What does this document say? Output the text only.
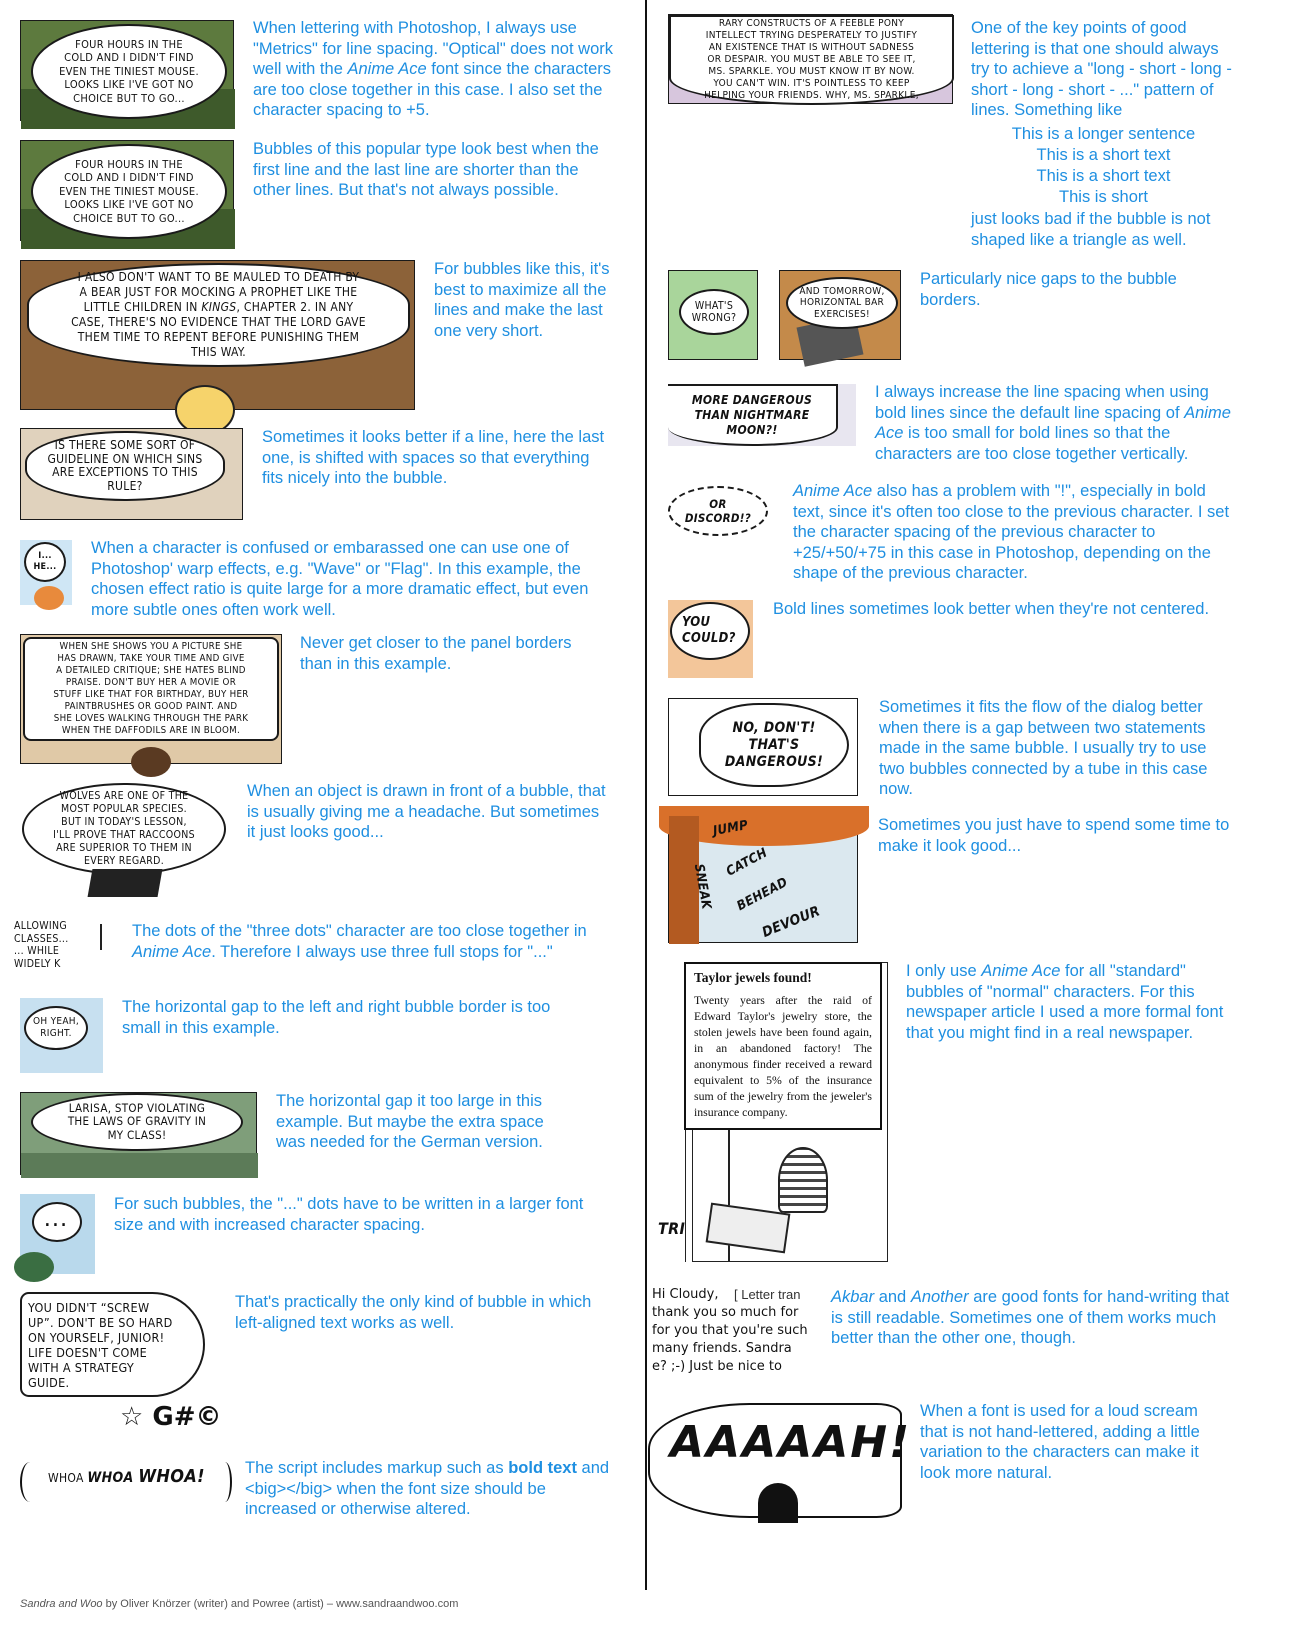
FOUR HOURS IN THE
COLD AND I DIDN'T FIND
EVEN THE TINIEST MOUSE.
LOOKS LIKE I'VE GOT NO
CHOICE BUT TO GO...
When lettering with Photoshop, I always use "Metrics" for line spacing. "Optical" does not work well with the Anime Ace font since the characters are too close together in this case. I also set the character spacing to +5.
FOUR HOURS IN THE
COLD AND I DIDN'T FIND
EVEN THE TINIEST MOUSE.
LOOKS LIKE I'VE GOT NO
CHOICE BUT TO GO...
Bubbles of this popular type look best when the first line and the last line are shorter than the other lines. But that's not always possible.
I ALSO DON'T WANT TO BE MAULED TO DEATH BY
A BEAR JUST FOR MOCKING A PROPHET LIKE THE
LITTLE CHILDREN IN KINGS, CHAPTER 2. IN ANY
CASE, THERE'S NO EVIDENCE THAT THE LORD GAVE
THEM TIME TO REPENT BEFORE PUNISHING THEM
THIS WAY.
For bubbles like this, it's best to maximize all the lines and make the last one very short.
IS THERE SOME SORT OF
GUIDELINE ON WHICH SINS
ARE EXCEPTIONS TO THIS
RULE?
Sometimes it looks better if a line, here the last one, is shifted with spaces so that everything fits nicely into the bubble.
I...
HE...
When a character is confused or embarassed one can use one of Photoshop' warp effects, e.g. "Wave" or "Flag". In this example, the chosen effect ratio is quite large for a more dramatic effect, but even more subtle ones often work well.
WHEN SHE SHOWS YOU A PICTURE SHE
HAS DRAWN, TAKE YOUR TIME AND GIVE
A DETAILED CRITIQUE; SHE HATES BLIND
PRAISE. DON'T BUY HER A MOVIE OR
STUFF LIKE THAT FOR BIRTHDAY, BUY HER
PAINTBRUSHES OR GOOD PAINT. AND
SHE LOVES WALKING THROUGH THE PARK
WHEN THE DAFFODILS ARE IN BLOOM.
Never get closer to the panel borders than in this example.
WOLVES ARE ONE OF THE
MOST POPULAR SPECIES.
BUT IN TODAY'S LESSON,
I'LL PROVE THAT RACCOONS
ARE SUPERIOR TO THEM IN
EVERY REGARD.
When an object is drawn in front of a bubble, that is usually giving me a headache. But sometimes it just looks good...
ALLOWING
CLASSES...
... WHILE
WIDELY K
The dots of the "three dots" character are too close together in Anime Ace. Therefore I always use three full stops for "..."
OH YEAH,
RIGHT.
The horizontal gap to the left and right bubble border is too small in this example.
LARISA, STOP VIOLATING
THE LAWS OF GRAVITY IN
MY CLASS!
The horizontal gap it too large in this example. But maybe the extra space was needed for the German version.
...
For such bubbles, the "..." dots have to be written in a larger font size and with increased character spacing.
YOU DIDN'T “SCREW
UP”. DON'T BE SO HARD
ON YOURSELF, JUNIOR!
LIFE DOESN'T COME
WITH A STRATEGY
GUIDE.
☆ G#©
That's practically the only kind of bubble in which left-aligned text works as well.
WHOA WHOA WHOA! The script includes markup such as bold text and <big></big> when the font size should be increased or otherwise altered.
RARY CONSTRUCTS OF A FEEBLE PONY
INTELLECT TRYING DESPERATELY TO JUSTIFY
AN EXISTENCE THAT IS WITHOUT SADNESS
OR DESPAIR. YOU MUST BE ABLE TO SEE IT,
MS. SPARKLE. YOU MUST KNOW IT BY NOW.
YOU CAN'T WIN. IT'S POINTLESS TO KEEP
HELPING YOUR FRIENDS. WHY, MS. SPARKLE,
One of the key points of good lettering is that one should always try to achieve a "long - short - long - short - long - short - ..." pattern of lines. Something like
This is a longer sentence
This is a short text
This is a short text
This is short
just looks bad if the bubble is not shaped like a triangle as well.
WHAT'S
WRONG?
AND TOMORROW,
HORIZONTAL BAR
EXERCISES!
Particularly nice gaps to the bubble borders.
MORE DANGEROUS
THAN NIGHTMARE
MOON?!
I always increase the line spacing when using bold lines since the default line spacing of Anime Ace is too small for bold lines so that the characters are too close together vertically.
OR
DISCORD!?
Anime Ace also has a problem with "!", especially in bold text, since it's often too close to the previous character. I set the character spacing of the previous character to +25/+50/+75 in this case in Photoshop, depending on the shape of the previous character.
YOU
COULD?
Bold lines sometimes look better when they're not centered.
NO, DON'T!
THAT'S
DANGEROUS!
Sometimes it fits the flow of the dialog better when there is a gap between two statements made in the same bubble. I usually try to use two bubbles connected by a tube in this case now.
JUMP
SNEAK
CATCH
BEHEAD
DEVOUR
Sometimes you just have to spend some time to make it look good...
TRI
Taylor jewels found!
Twenty years after the raid of Edward Taylor's jewelry store, the stolen jewels have been found again, in an abandoned factory! The anonymous finder received a reward equivalent to 5% of the insurance sum of the jewelry from the jeweler's insurance company.
I only use Anime Ace for all "standard" bubbles of "normal" characters. For this newspaper article I used a more formal font that you might find in a real newspaper.
Hi Cloudy,
thank you so much for
for you that you're such
many friends. Sandra
e? ;-) Just be nice to
[ Letter tran Akbar and Another are good fonts for hand-writing that is still readable. Sometimes one of them works much better than the other one, though.
AAAAAH!
When a font is used for a loud scream that is not hand-lettered, adding a little variation to the characters can make it look more natural.
Sandra and Woo by Oliver Knörzer (writer) and Powree (artist) – www.sandraandwoo.com
